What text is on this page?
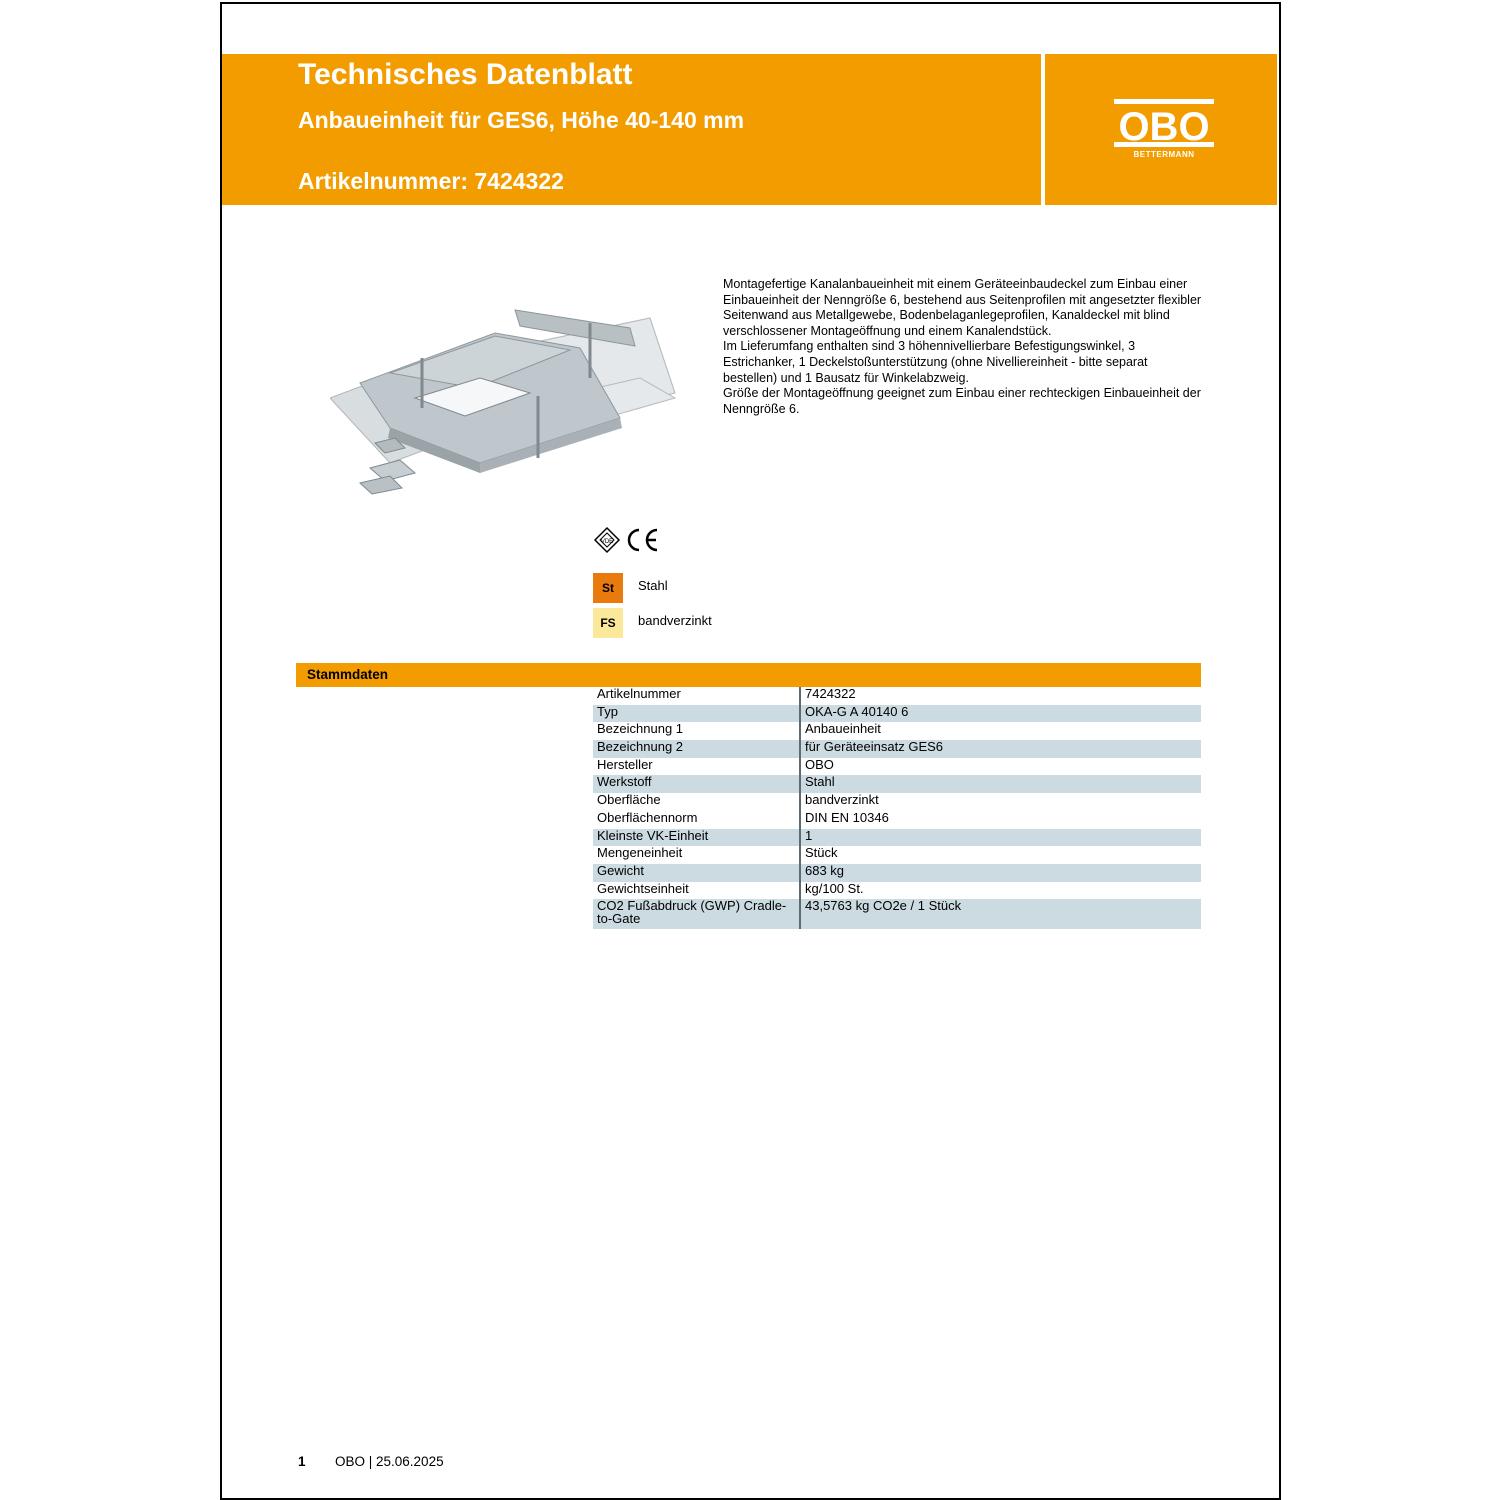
Technisches Datenblatt
Anbaueinheit für GES6, Höhe 40-140 mm
Artikelnummer: 7424322
OBO
BETTERMANN

Montagefertige Kanalanbaueinheit mit einem Geräteeinbaudeckel zum Einbau einer Einbaueinheit der Nenngröße 6, bestehend aus Seitenprofilen mit angesetzter flexibler Seitenwand aus Metallgewebe, Bodenbelaganlegeprofilen, Kanaldeckel mit blind verschlossener Montageöffnung und einem Kanalendstück.

Im Lieferumfang enthalten sind 3 höhennivellierbare Befestigungswinkel, 3 Estrichanker, 1 Deckelstoßunterstützung (ohne Nivelliereinheit - bitte separat bestellen) und 1 Bausatz für Winkelabzweig.

Größe der Montageöffnung geeignet zum Einbau einer rechteckigen Einbaueinheit der Nenngröße 6.

VDE
St	Stahl
FS	bandverzinkt
Stammdaten
Artikelnummer	7424322
Typ	OKA-G A 40140 6
Bezeichnung 1	Anbaueinheit
Bezeichnung 2	für Geräteeinsatz GES6
Hersteller	OBO
Werkstoff	Stahl
Oberfläche	bandverzinkt
Oberflächennorm	DIN EN 10346
Kleinste VK-Einheit	1
Mengeneinheit	Stück
Gewicht	683 kg
Gewichtseinheit	kg/100 St.
CO2 Fußabdruck (GWP) Cradle-to-Gate	43,5763 kg CO2e / 1 Stück
1 OBO | 25.06.2025
